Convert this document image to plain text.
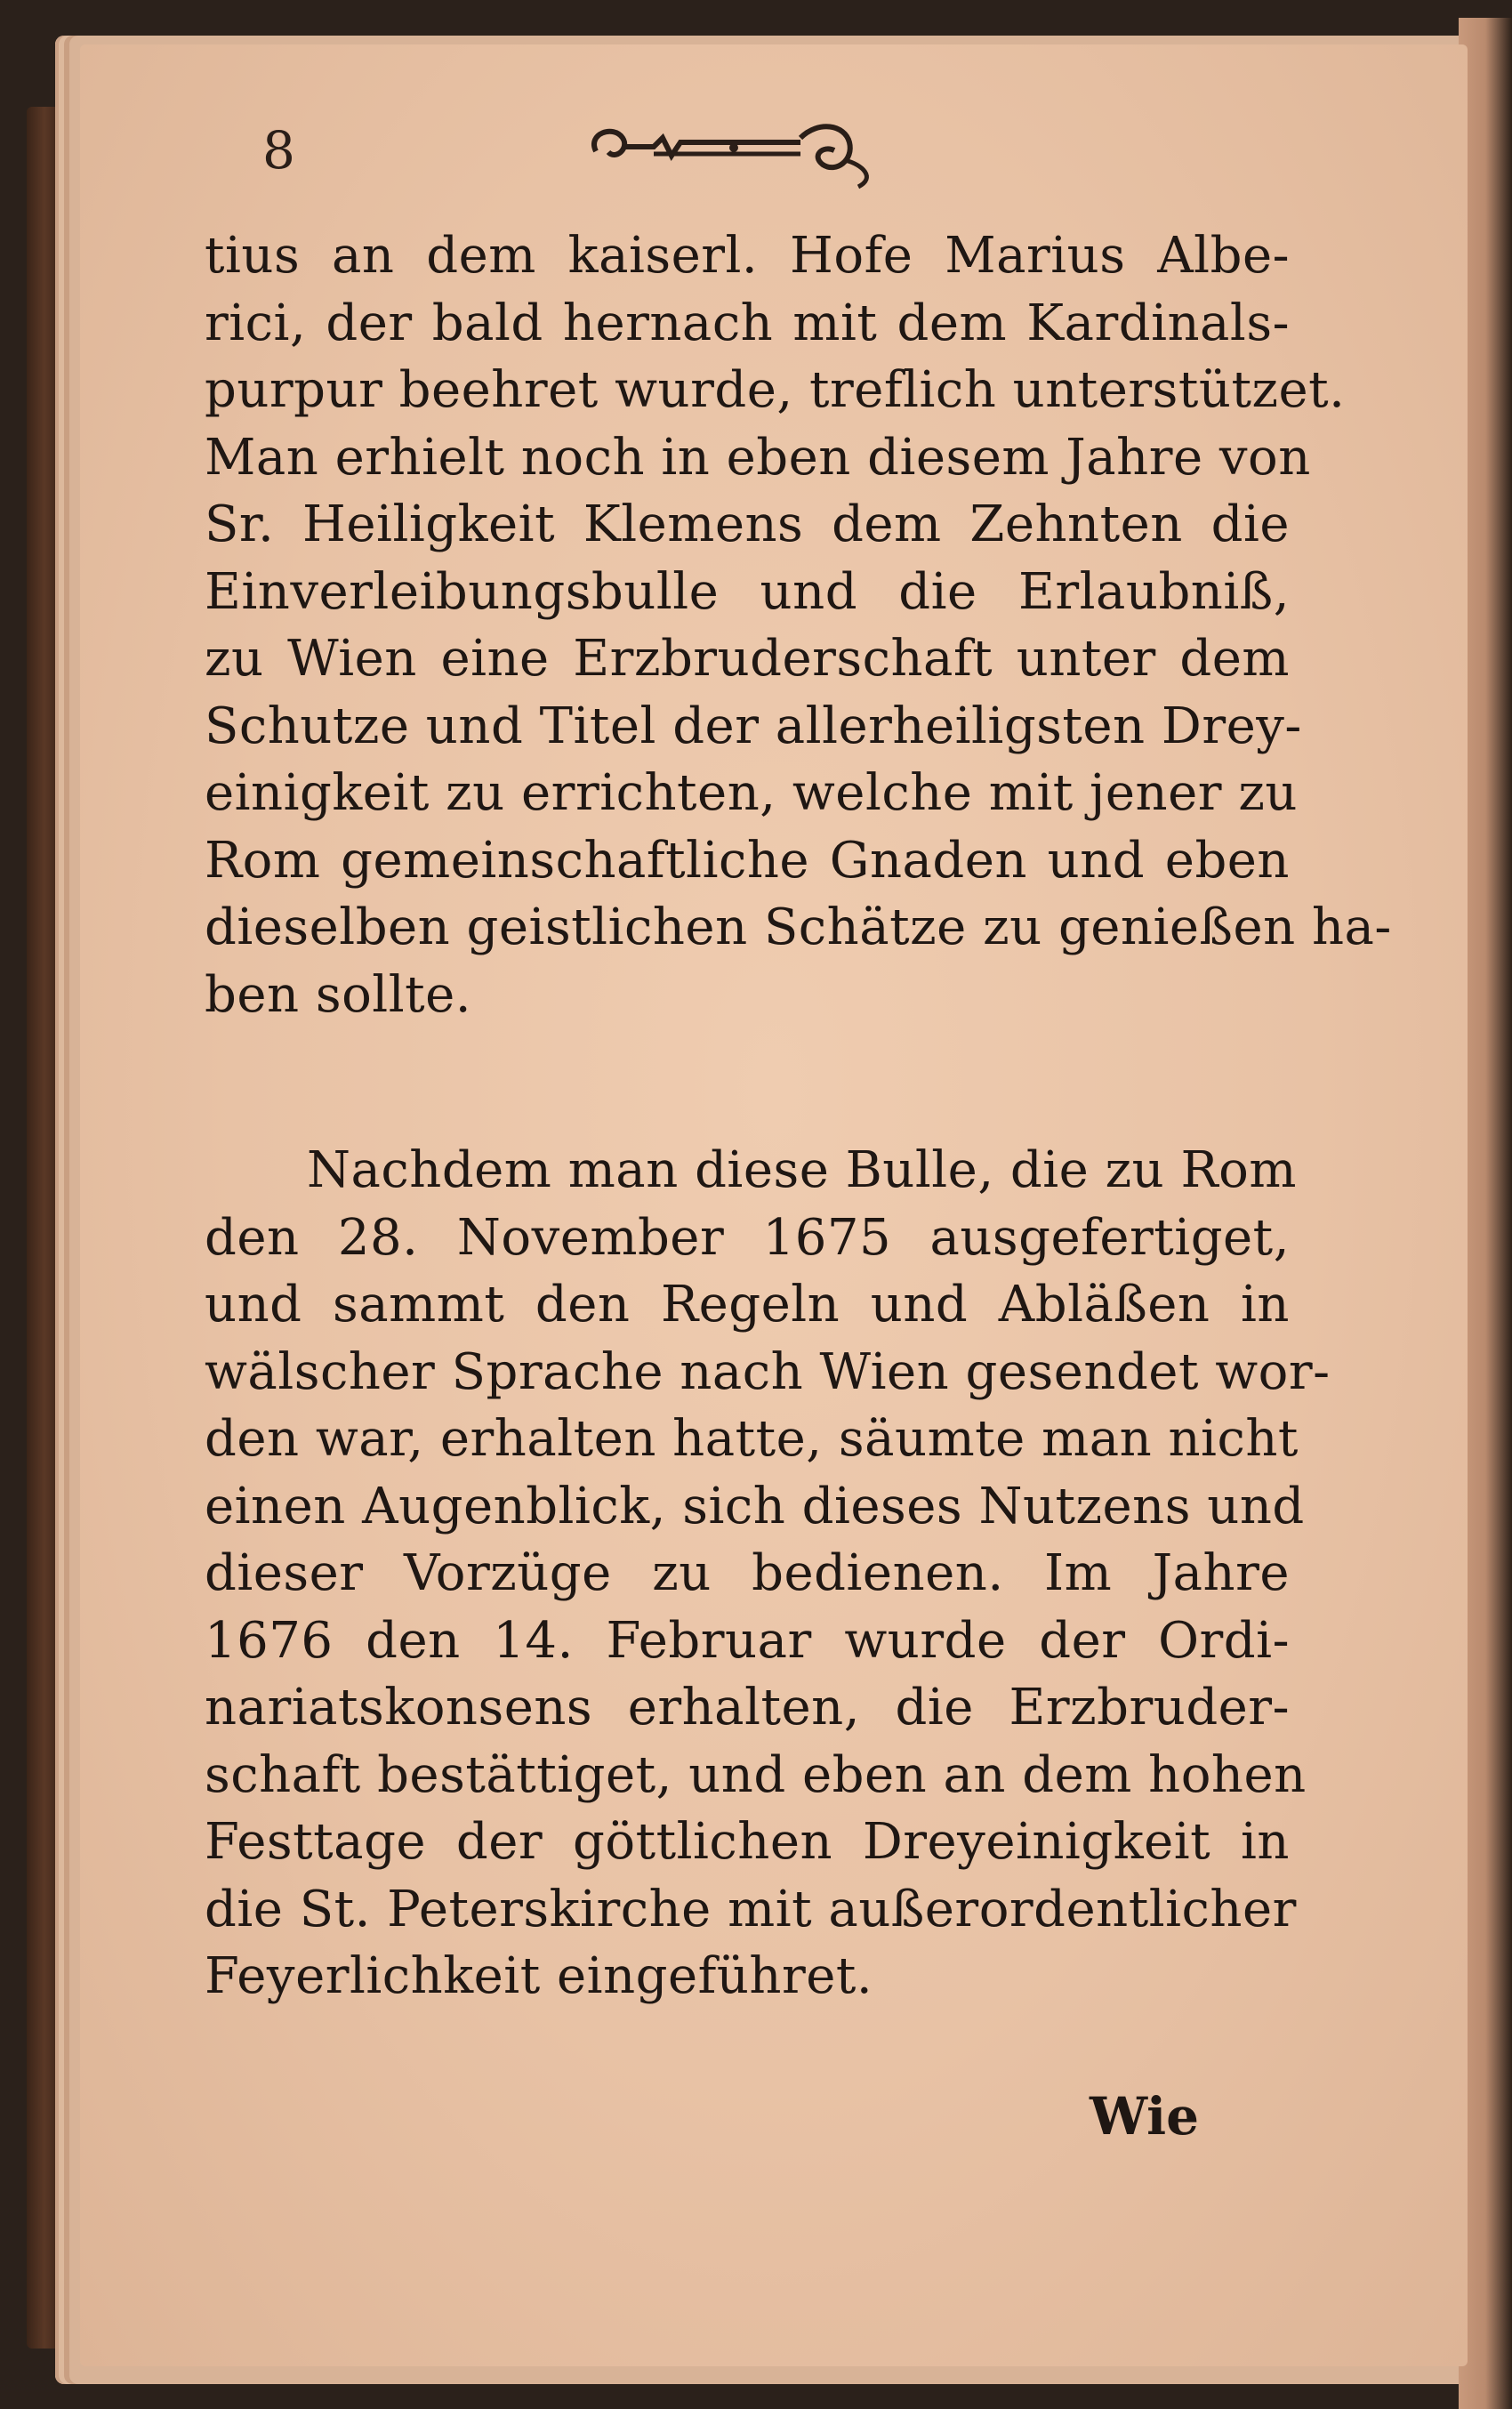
8
tius an dem kaiserl. Hofe Marius Albe-
rici, der bald hernach mit dem Kardinals-
purpur beehret wurde, treflich unterstützet.
Man erhielt noch in eben diesem Jahre von
Sr. Heiligkeit Klemens dem Zehnten die
Einverleibungsbulle und die Erlaubniß,
zu Wien eine Erzbruderschaft unter dem
Schutze und Titel der allerheiligsten Drey-
einigkeit zu errichten, welche mit jener zu
Rom gemeinschaftliche Gnaden und eben
dieselben geistlichen Schätze zu genießen ha-
ben sollte.
Nachdem man diese Bulle, die zu Rom
den 28. November 1675 ausgefertiget,
und sammt den Regeln und Abläßen in
wälscher Sprache nach Wien gesendet wor-
den war, erhalten hatte, säumte man nicht
einen Augenblick, sich dieses Nutzens und
dieser Vorzüge zu bedienen. Im Jahre
1676 den 14. Februar wurde der Ordi-
nariatskonsens erhalten, die Erzbruder-
schaft bestättiget, und eben an dem hohen
Festtage der göttlichen Dreyeinigkeit in
die St. Peterskirche mit außerordentlicher
Feyerlichkeit eingeführet.
Wie
